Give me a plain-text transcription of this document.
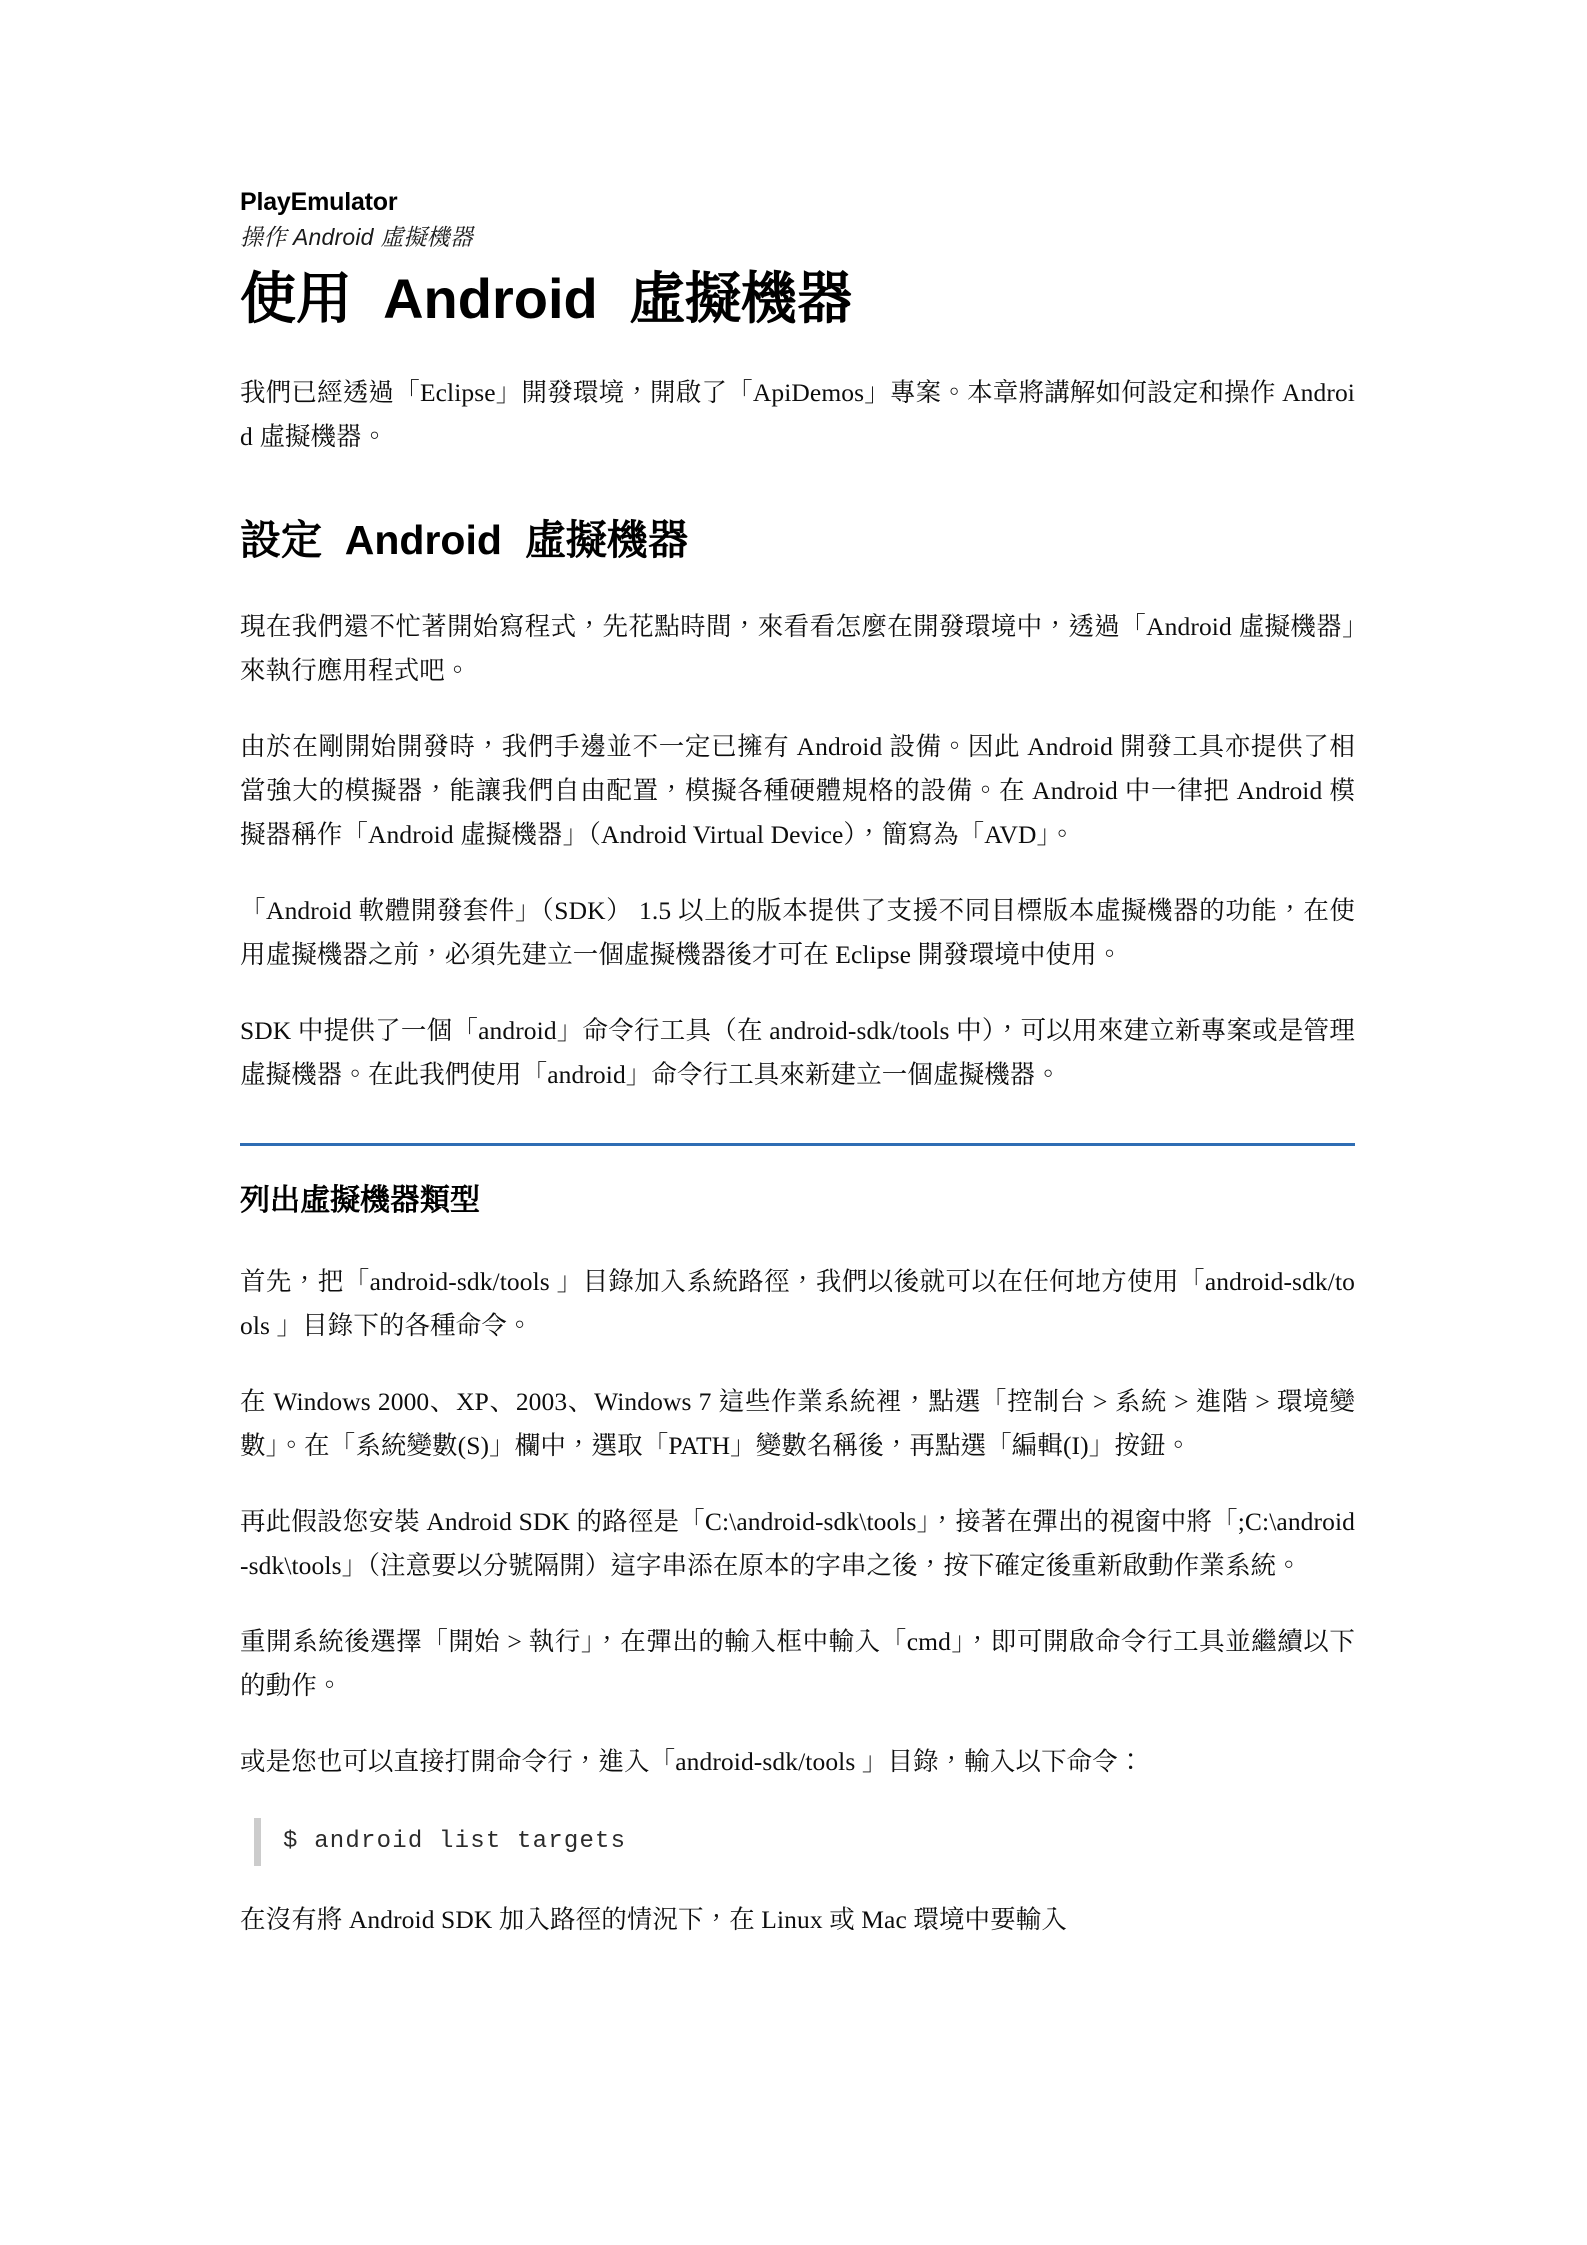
PlayEmulator
操作 Android 虛擬機器
使用  Android  虛擬機器

我們已經透過「Eclipse」開發環境，開啟了「ApiDemos」專案。本章將講解如何設定和操作 Android 虛擬機器。

設定  Android  虛擬機器

現在我們還不忙著開始寫程式，先花點時間，來看看怎麼在開發環境中，透過「Android 虛擬機器」來執行應用程式吧。

由於在剛開始開發時，我們手邊並不一定已擁有 Android 設備。因此 Android 開發工具亦提供了相當強大的模擬器，能讓我們自由配置，模擬各種硬體規格的設備。在 Android 中一律把 Android 模擬器稱作「Android 虛擬機器」（Android Virtual Device），簡寫為「AVD」。

「Android 軟體開發套件」（SDK） 1.5 以上的版本提供了支援不同目標版本虛擬機器的功能，在使用虛擬機器之前，必須先建立一個虛擬機器後才可在 Eclipse 開發環境中使用。

SDK 中提供了一個「android」命令行工具（在 android-sdk/tools 中），可以用來建立新專案或是管理虛擬機器。在此我們使用「android」命令行工具來新建立一個虛擬機器。

列出虛擬機器類型

首先，把「android-sdk/tools 」目錄加入系統路徑，我們以後就可以在任何地方使用「android-sdk/tools 」目錄下的各種命令。

在 Windows 2000、XP、2003、Windows 7 這些作業系統裡，點選「控制台 > 系統 > 進階 > 環境變數」。在「系統變數(S)」欄中，選取「PATH」變數名稱後，再點選「編輯(I)」按鈕。

再此假設您安裝 Android SDK 的路徑是「C:\android-sdk\tools」，接著在彈出的視窗中將「;C:\android-sdk\tools」（注意要以分號隔開）這字串添在原本的字串之後，按下確定後重新啟動作業系統。

重開系統後選擇「開始 > 執行」，在彈出的輸入框中輸入「cmd」，即可開啟命令行工具並繼續以下的動作。

或是您也可以直接打開命令行，進入「android-sdk/tools 」目錄，輸入以下命令：

$ android list targets

在沒有將 Android SDK 加入路徑的情況下，在 Linux 或 Mac 環境中要輸入
